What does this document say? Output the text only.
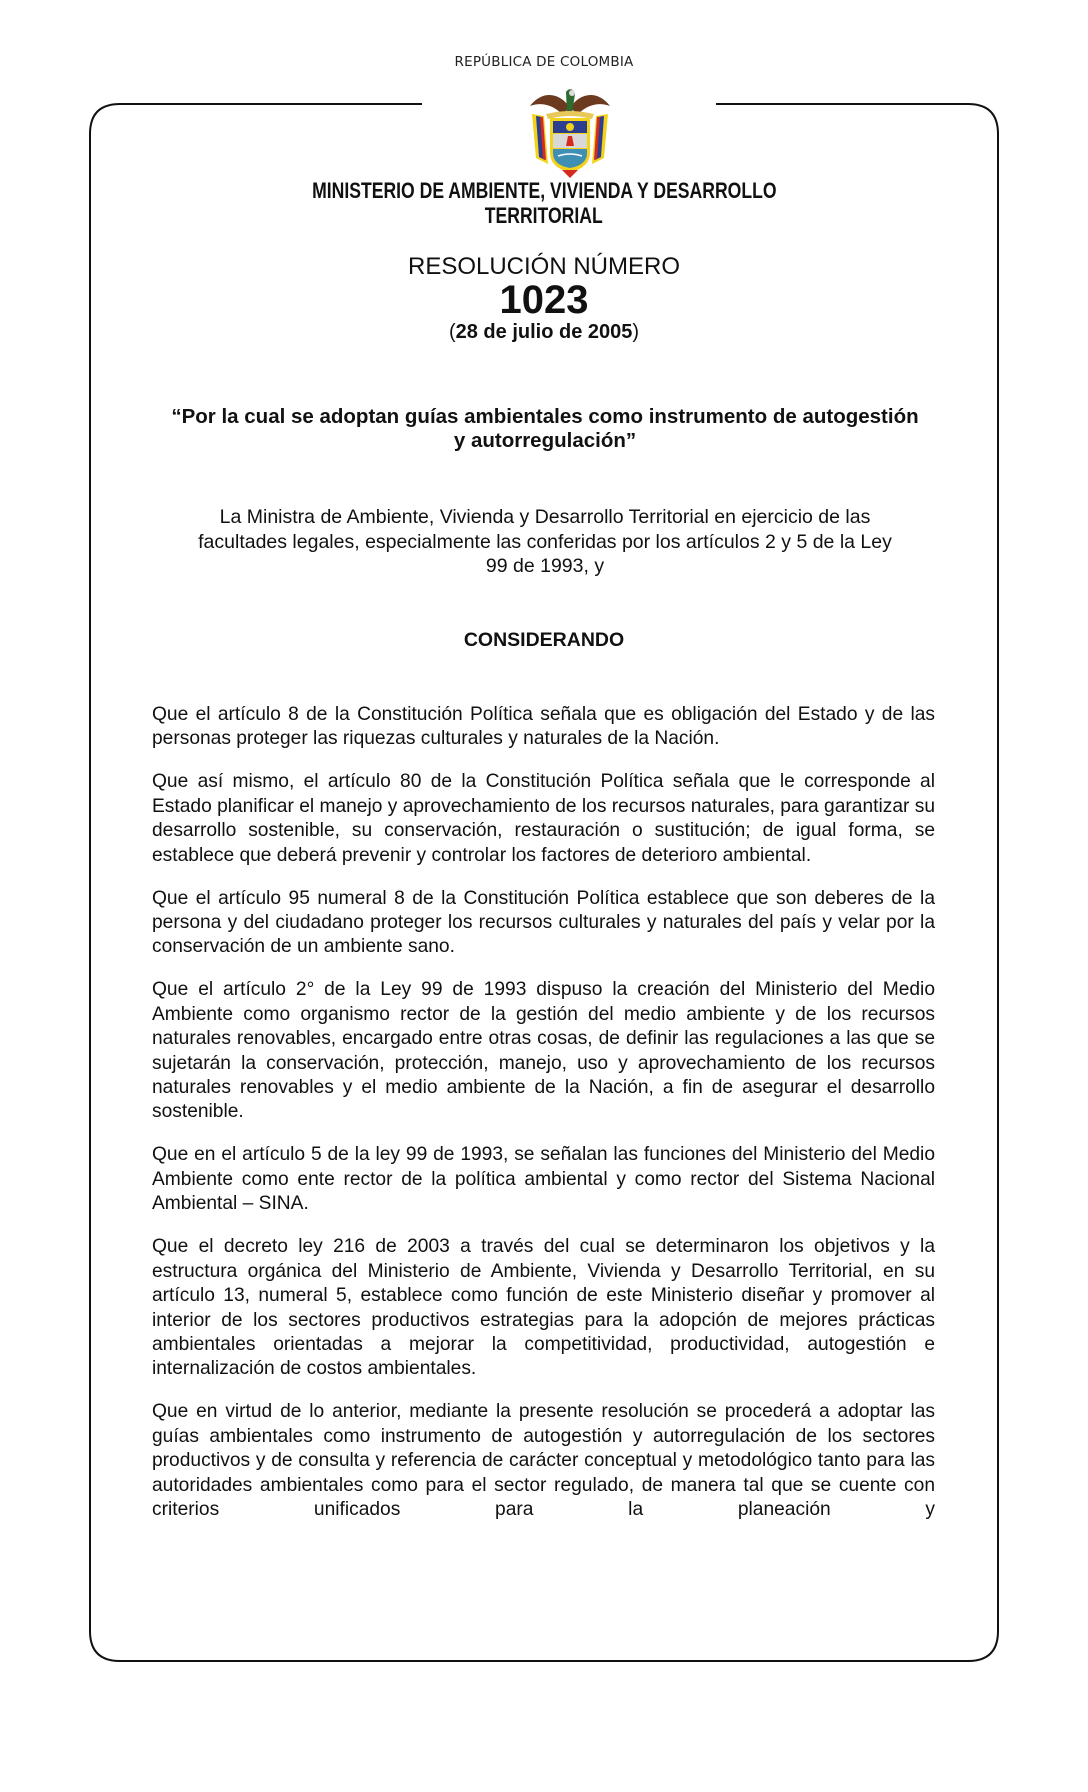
REPÚBLICA DE COLOMBIA
MINISTERIO DE AMBIENTE, VIVIENDA Y DESARROLLO
TERRITORIAL
RESOLUCIÓN NÚMERO
1023
(28 de julio de 2005)
“Por la cual se adoptan guías ambientales como instrumento de autogestión
y autorregulación”
La Ministra de Ambiente, Vivienda y Desarrollo Territorial en ejercicio de las
facultades legales, especialmente las conferidas por los artículos 2 y 5 de la Ley
99 de 1993, y
CONSIDERANDO

Que el artículo 8 de la Constitución Política señala que es obligación del Estado y de las personas proteger las riquezas culturales y naturales de la Nación.

Que así mismo, el artículo 80 de la Constitución Política señala que le corresponde al Estado planificar el manejo y aprovechamiento de los recursos naturales, para garantizar su desarrollo sostenible, su conservación, restauración o sustitución; de igual forma, se establece que deberá prevenir y controlar los factores de deterioro ambiental.

Que el artículo 95 numeral 8 de la Constitución Política establece que son deberes de la persona y del ciudadano proteger los recursos culturales y naturales del país y velar por la conservación de un ambiente sano.

Que el artículo 2° de la Ley 99 de 1993 dispuso la creación del Ministerio del Medio Ambiente como organismo rector de la gestión del medio ambiente y de los recursos naturales renovables, encargado entre otras cosas, de definir las regulaciones a las que se sujetarán la conservación, protección, manejo, uso y aprovechamiento de los recursos naturales renovables y el medio ambiente de la Nación, a fin de asegurar el desarrollo sostenible.

Que en el artículo 5 de la ley 99 de 1993, se señalan las funciones del Ministerio del Medio Ambiente como ente rector de la política ambiental y como rector del Sistema Nacional Ambiental – SINA.

Que el decreto ley 216 de 2003 a través del cual se determinaron los objetivos y la estructura orgánica del Ministerio de Ambiente, Vivienda y Desarrollo Territorial, en su artículo 13, numeral 5, establece como función de este Ministerio diseñar y promover al interior de los sectores productivos estrategias para la adopción de mejores prácticas ambientales orientadas a mejorar la competitividad, productividad, autogestión e internalización de costos ambientales.

Que en virtud de lo anterior, mediante la presente resolución se procederá a adoptar las guías ambientales como instrumento de autogestión y autorregulación de los sectores productivos y de consulta y referencia de carácter conceptual y metodológico tanto para las autoridades ambientales como para el sector regulado, de manera tal que se cuente con criterios unificados para la planeación y
